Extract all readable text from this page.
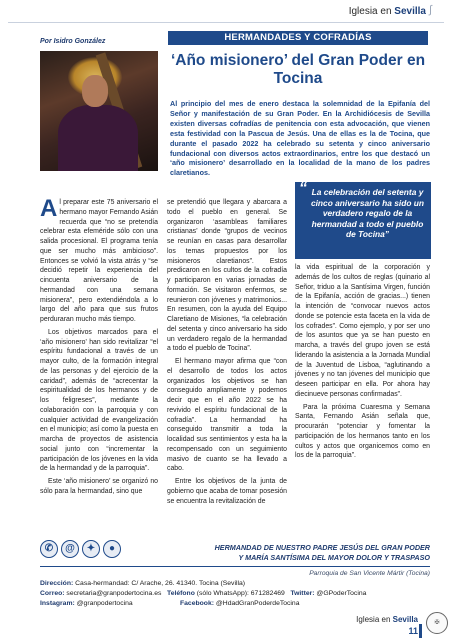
Iglesia en Sevilla ∫
Por Isidro González	HERMANDADES Y COFRADÍAS
‘Año misionero’ del Gran Poder en Tocina
Al principio del mes de enero destaca la solemnidad de la Epifanía del Señor y manifestación de su Gran Poder. En la Archidiócesis de Sevilla existen diversas cofradías de penitencia con esta advocación, que vienen esta festividad con la Pascua de Jesús. Una de ellas es la de Tocina, que durante el pasado 2022 ha celebrado su setenta y cinco aniversario fundacional con diversos actos extraordinarios, entre los que destacó un ‘año misionero’ desarrollado en la localidad de la mano de los padres claretianos.

Al preparar este 75 aniversario el hermano mayor Fernando Asián recuerda que “no se pretendía celebrar esta efeméride sólo con una salida procesional. El programa tenía que ser mucho más ambicioso”. Entonces se volvió la vista atrás y “se decidió repetir la experiencia del cincuenta aniversario de la hermandad con una semana misionera”, pero extendiéndola a lo largo del año para que sus frutos perduraran mucho más tiempo.

Los objetivos marcados para el ‘año misionero’ han sido revitalizar “el espíritu fundacional a través de un mayor culto, de la formación integral de las personas y del ejercicio de la caridad”, además de “acrecentar la espiritualidad de los hermanos y de los feligreses”, mediante la colaboración con la parroquia y con cualquier actividad de evangelización en el municipio; así como la puesta en marcha de proyectos de asistencia social junto con “incrementar la participación de los jóvenes en la vida de la hermandad y de la parroquia”.

Este ‘año misionero’ se organizó no sólo para la hermandad, sino que

se pretendió que llegara y abarcara a todo el pueblo en general. Se organizaron ‘asambleas familiares cristianas’ donde “grupos de vecinos se reunían en casas para desarrollar los temas propuestos por los misioneros claretianos”. Estos predicaron en los cultos de la cofradía y participaron en varias jornadas de formación. Se visitaron enfermos, se reunieron con jóvenes y matrimonios... En resumen, con la ayuda del Equipo Claretiano de Misiones, “la celebración del setenta y cinco aniversario ha sido un verdadero regalo de la hermandad a todo el pueblo de Tocina”.

El hermano mayor afirma que “con el desarrollo de todos los actos organizados los objetivos se han conseguido ampliamente y podemos decir que en el año 2022 se ha revivido el espíritu fundacional de la cofradía”. La hermandad ha conseguido transmitir a toda la localidad sus sentimientos y esta ha la recompensado con un seguimiento masivo de cuanto se ha llevado a cabo.

Entre los objetivos de la junta de gobierno que acaba de tomar posesión se encuentra la revitalización de

“ La celebración del setenta y cinco aniversario ha sido un verdadero regalo de la hermandad a todo el pueblo de Tocina”

la vida espiritual de la corporación y además de los cultos de reglas (quinario al Señor, triduo a la Santísima Virgen, función de la Epifanía, acción de gracias...) tienen la intención de “convocar nuevos actos donde se potencie esta faceta en la vida de los cofrades”. Como ejemplo, y por ser uno de los asuntos que ya se han puesto en marcha, a través del grupo joven se está liderando la asistencia a la Jornada Mundial de la Juventud de Lisboa, “aglutinando a jóvenes y no tan jóvenes del municipio que deseen participar en ella. Por ahora hay diecinueve personas confirmadas”.

Para la próxima Cuaresma y Semana Santa, Fernando Asián señala que, procurarán “potenciar y fomentar la participación de los hermanos tanto en los cultos y actos que organicemos como en los de la parroquia”.

✆	@	✦	●	HERMANDAD DE NUESTRO PADRE JESÚS DEL GRAN PODER
Y MARÍA SANTÍSIMA DEL MAYOR DOLOR Y TRASPASO
Parroquia de San Vicente Mártir (Tocina)
Dirección: Casa-hermandad: C/ Arache, 26. 41340. Tocina (Sevilla)
Correo: secretaria@granpodertocina.es Teléfono (sólo WhatsApp): 671282469 Twitter: @GPoderTocina
Instagram: @granpodertocina	Facebook: @HdadGranPoderdeTocina
Iglesia en Sevilla
11
✠
